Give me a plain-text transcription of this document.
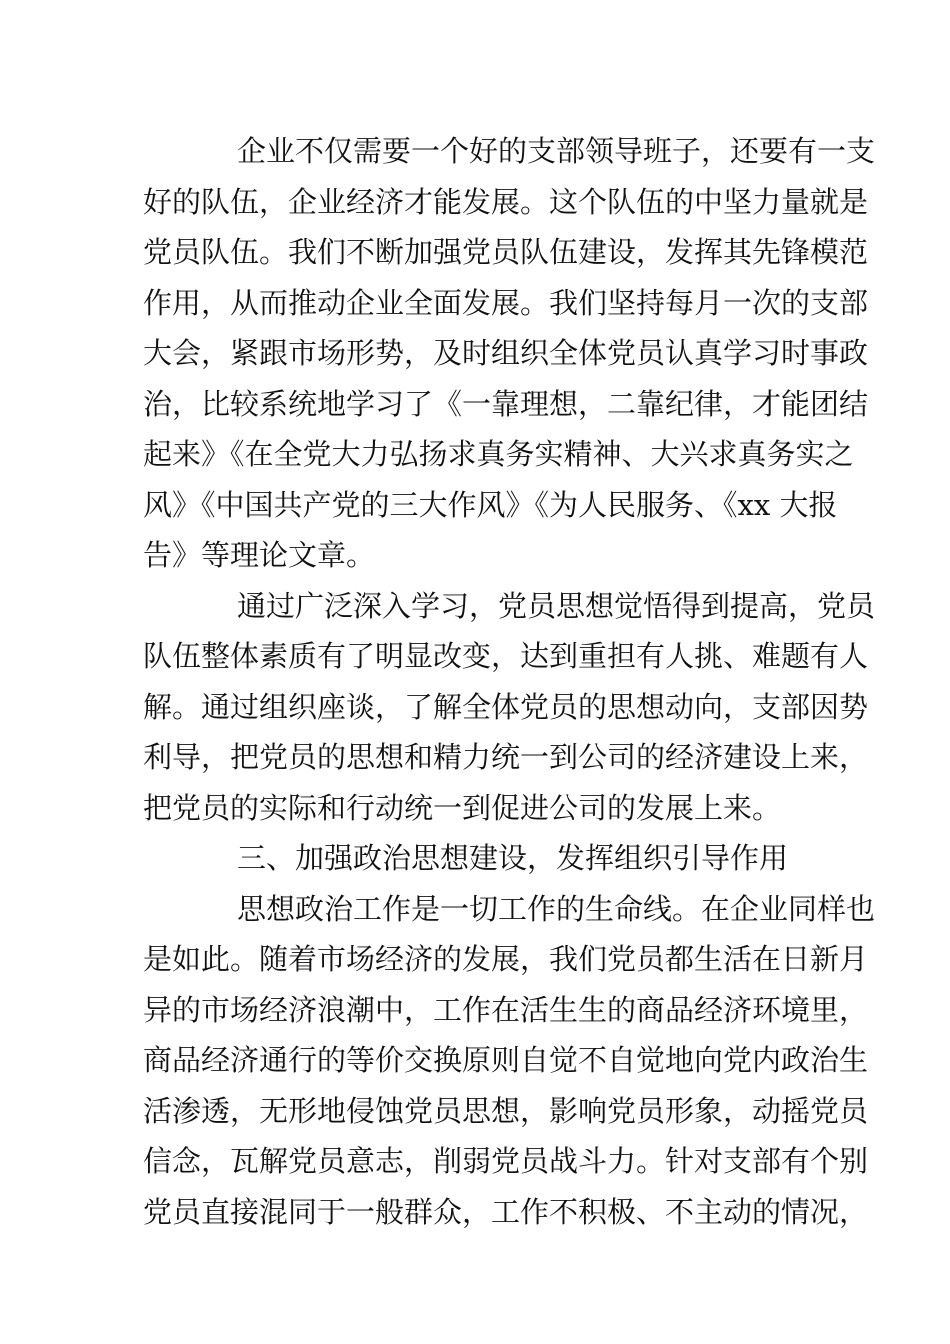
企业不仅需要一个好的支部领导班子，还要有一支
好的队伍，企业经济才能发展。这个队伍的中坚力量就是
党员队伍。我们不断加强党员队伍建设，发挥其先锋模范
作用，从而推动企业全面发展。我们坚持每月一次的支部
大会，紧跟市场形势，及时组织全体党员认真学习时事政
治，比较系统地学习了《一靠理想，二靠纪律，才能团结
起来》《在全党大力弘扬求真务实精神、大兴求真务实之
风》《中国共产党的三大作风》《为人民服务、《xx 大报
告》等理论文章。
通过广泛深入学习，党员思想觉悟得到提高，党员
队伍整体素质有了明显改变，达到重担有人挑、难题有人
解。通过组织座谈，了解全体党员的思想动向，支部因势
利导，把党员的思想和精力统一到公司的经济建设上来，
把党员的实际和行动统一到促进公司的发展上来。
三、加强政治思想建设，发挥组织引导作用
思想政治工作是一切工作的生命线。在企业同样也
是如此。随着市场经济的发展，我们党员都生活在日新月
异的市场经济浪潮中，工作在活生生的商品经济环境里，
商品经济通行的等价交换原则自觉不自觉地向党内政治生
活渗透，无形地侵蚀党员思想，影响党员形象，动摇党员
信念，瓦解党员意志，削弱党员战斗力。针对支部有个别
党员直接混同于一般群众，工作不积极、不主动的情况，
